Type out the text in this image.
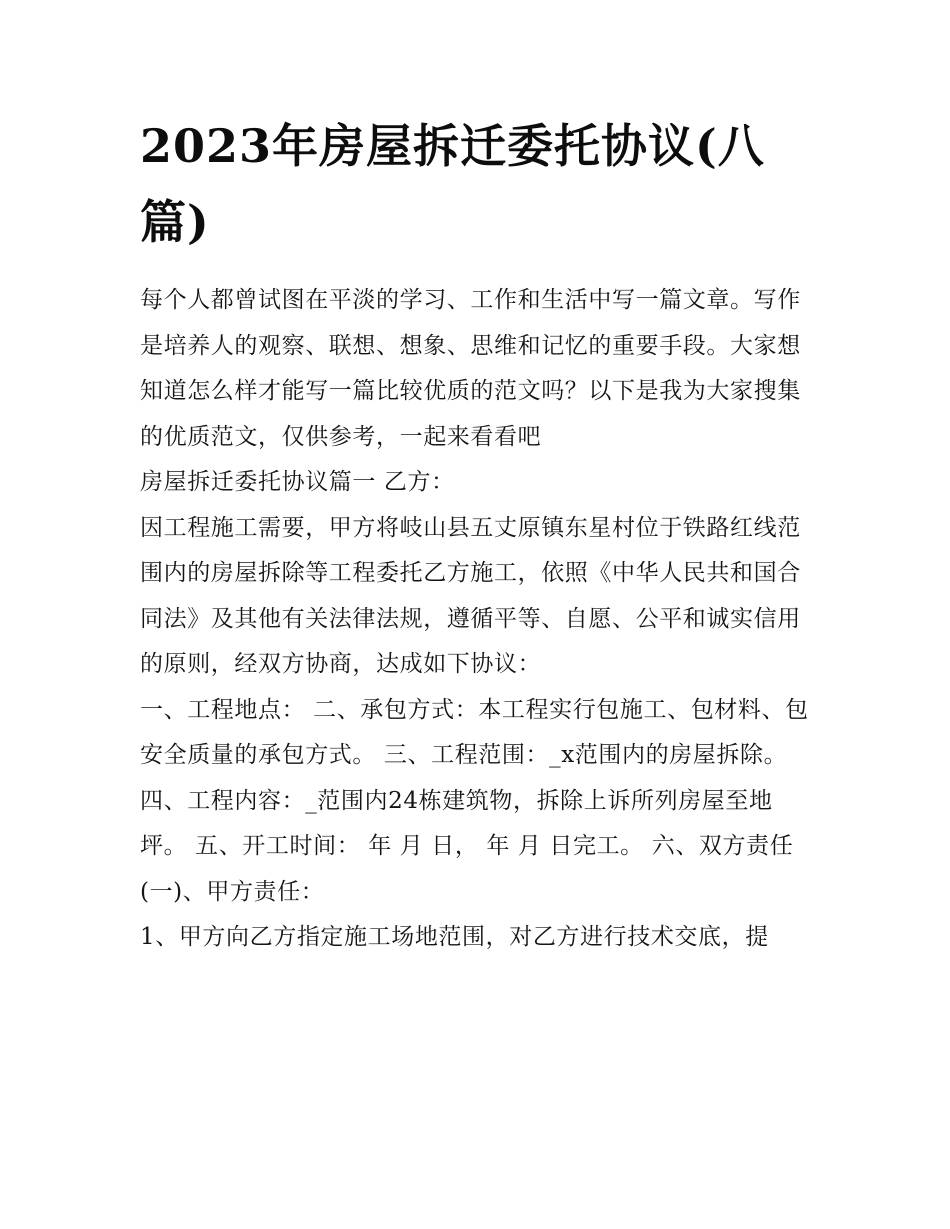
2023年房屋拆迁委托协议(八篇)

每个人都曾试图在平淡的学习、工作和生活中写一篇文章。写作是培养人的观察、联想、想象、思维和记忆的重要手段。大家想知道怎么样才能写一篇比较优质的范文吗？以下是我为大家搜集的优质范文，仅供参考，一起来看看吧

房屋拆迁委托协议篇一 乙方：

因工程施工需要，甲方将岐山县五丈原镇东星村位于铁路红线范围内的房屋拆除等工程委托乙方施工，依照《中华人民共和国合同法》及其他有关法律法规，遵循平等、自愿、公平和诚实信用的原则，经双方协商，达成如下协议：

一、工程地点： 二、承包方式：本工程实行包施工、包材料、包安全质量的承包方式。 三、工程范围：_x范围内的房屋拆除。

四、工程内容：_范围内24栋建筑物，拆除上诉所列房屋至地坪。 五、开工时间： 年 月 日， 年 月 日完工。 六、双方责任 (一)、甲方责任：

1、甲方向乙方指定施工场地范围，对乙方进行技术交底，提
